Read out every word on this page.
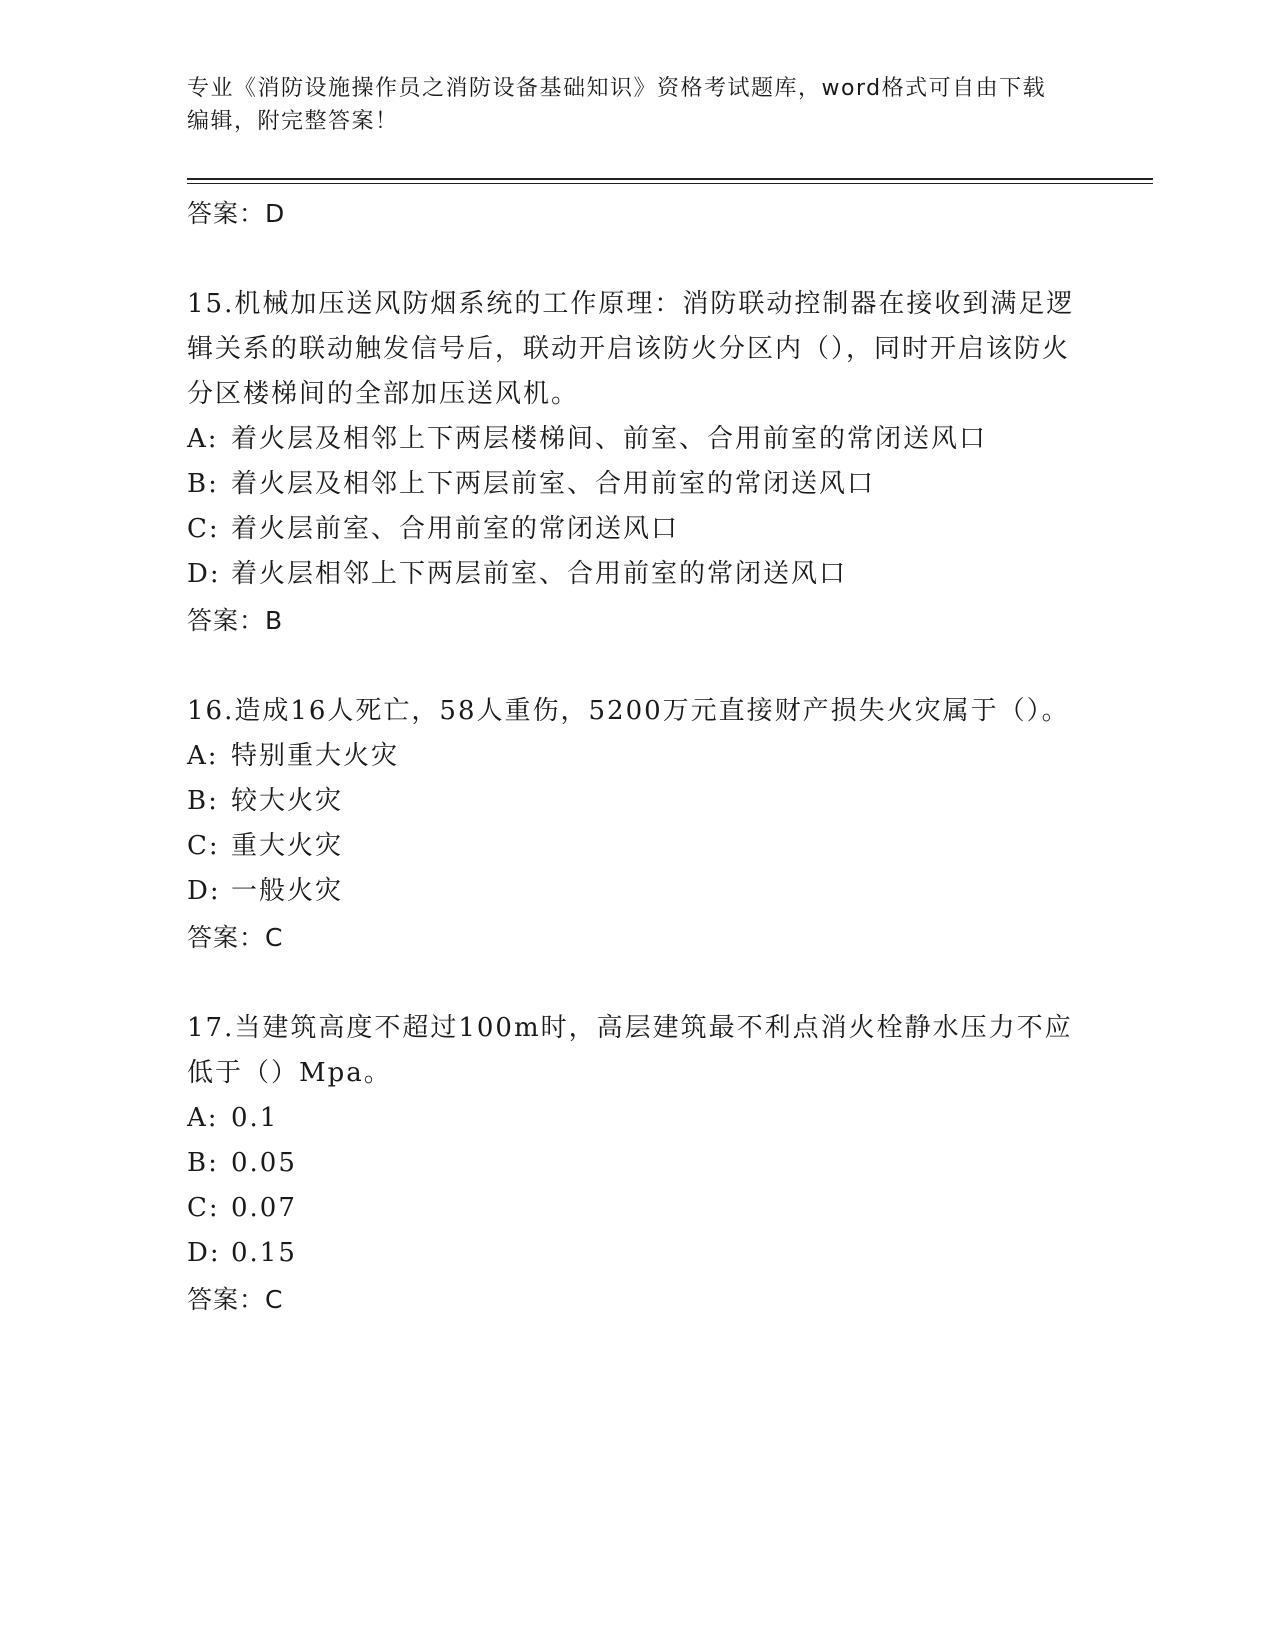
专业《消防设施操作员之消防设备基础知识》资格考试题库，word格式可自由下载编辑，附完整答案！

答案：D

15.机械加压送风防烟系统的工作原理：消防联动控制器在接收到满足逻辑关系的联动触发信号后，联动开启该防火分区内（），同时开启该防火分区楼梯间的全部加压送风机。

A: 着火层及相邻上下两层楼梯间、前室、合用前室的常闭送风口

B: 着火层及相邻上下两层前室、合用前室的常闭送风口

C: 着火层前室、合用前室的常闭送风口

D: 着火层相邻上下两层前室、合用前室的常闭送风口

答案：B

16.造成16人死亡，58人重伤，5200万元直接财产损失火灾属于（）。

A: 特别重大火灾

B: 较大火灾

C: 重大火灾

D: 一般火灾

答案：C

17.当建筑高度不超过100m时，高层建筑最不利点消火栓静水压力不应低于（）Mpa。

A: 0.1

B: 0.05

C: 0.07

D: 0.15

答案：C
